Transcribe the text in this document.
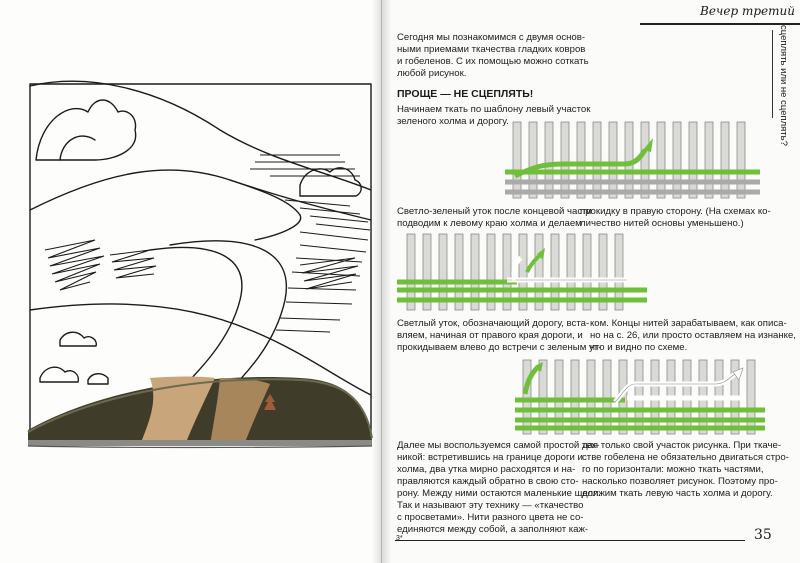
Вечер третий
сцеплять или не сцеплять?
Сегодня мы познакомимся с двумя основ-
ными приемами ткачества гладких ковров
и гобеленов. С их помощью можно соткать
любой рисунок.
ПРОЩЕ — НЕ СЦЕПЛЯТЬ!
Начинаем ткать по шаблону левый участок
зеленого холма и дорогу.
Светло-зеленый уток после концевой части
подводим к левому краю холма и делаем
прокидку в правую сторону. (На схемах ко-
личество нитей основы уменьшено.)
Светлый уток, обозначающий дорогу, вста-
вляем, начиная от правого края дороги, и
прокидываем влево до встречи с зеленым ут-
ком. Концы нитей зарабатываем, как описа-
но на с. 26, или просто оставляем на изнанке,
что и видно по схеме.
Далее мы воспользуемся самой простой тех-
никой: встретившись на границе дороги и
холма, два утка мирно расходятся и на-
правляются каждый обратно в свою сто-
рону. Между ними остаются маленькие щели.
Так и называют эту технику — «ткачество
с просветами». Нити разного цвета не со-
единяются между собой, а заполняют каж-
дая только свой участок рисунка. При ткаче-
стве гобелена не обязательно двигаться стро-
го по горизонтали: можно ткать частями,
насколько позволяет рисунок. Поэтому про-
должим ткать левую часть холма и дорогу.
3*	35
